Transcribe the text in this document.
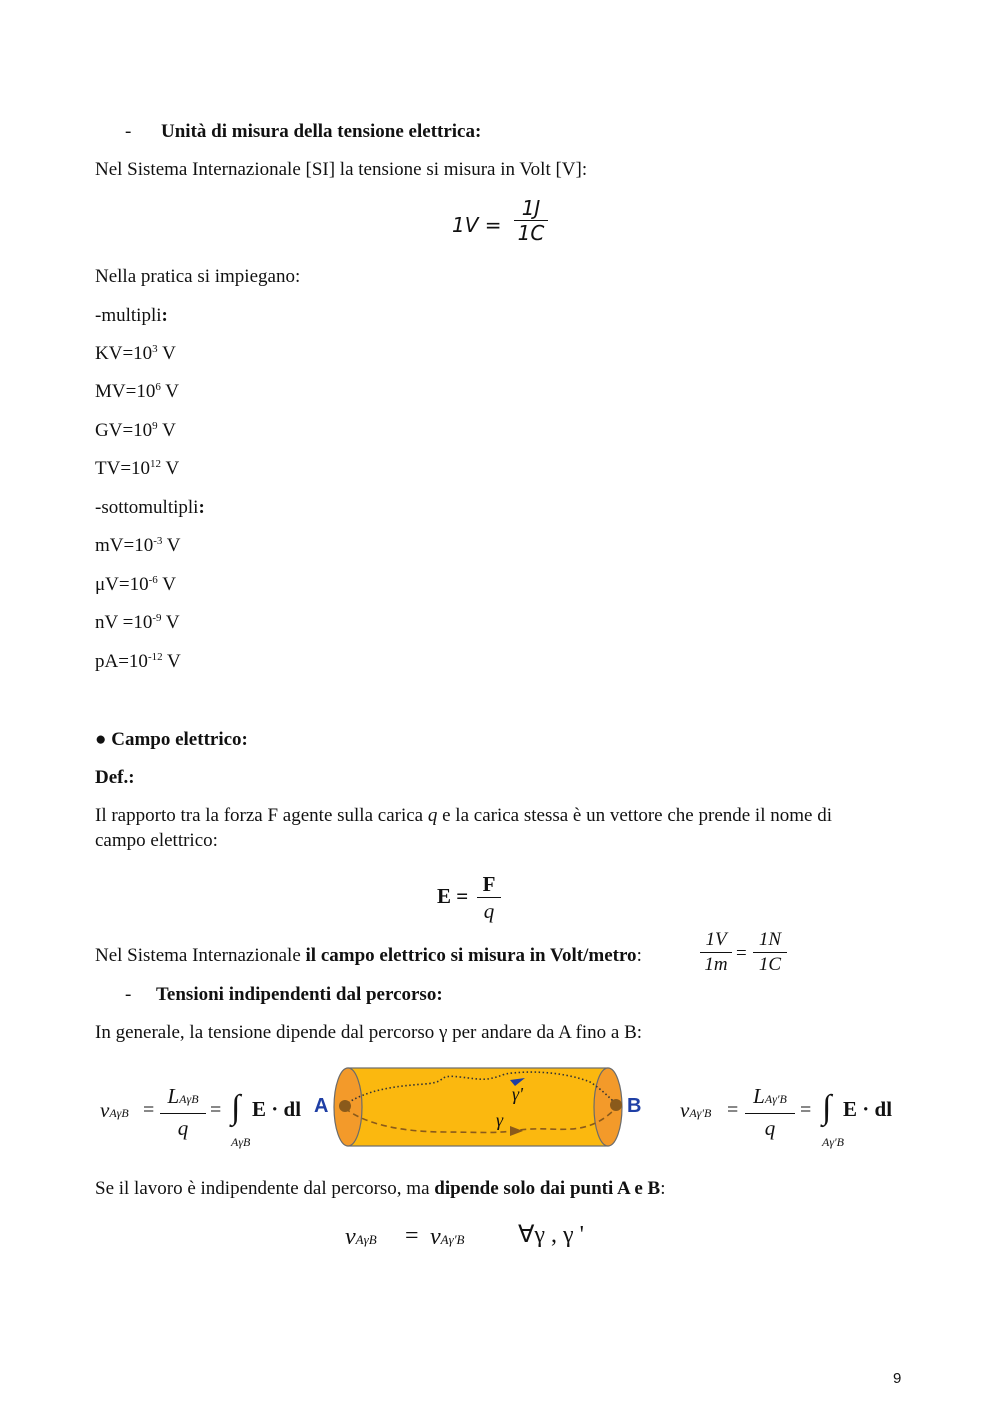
- Unità di misura della tensione elettrica:
Nel Sistema Internazionale [SI] la tensione si misura in Volt [V]:
1V =
1J
1C
Nella pratica si impiegano:
-multipli:
$KV=10^3$ V
$MV=10^6$ V
$GV=10^9$ V
$TV=10^{12}$ V
-sottomultipli:
$mV=10^{-3}$ V
$\mu V=10^{-6}$ V
nV $=10^{-9}$ V
$pA=10^{-12}$ V
● Campo elettrico:
Def.:
Il rapporto tra la forza F agente sulla carica q e la carica stessa è un vettore che prende il nome di
campo elettrico:
E = F
q
Nel Sistema Internazionale il campo elettrico si misura in Volt/metro:
1V
1m
=
1N
1C
- Tensioni indipendenti dal percorso:
In generale, la tensione dipende dal percorso γ per andare da A fino a B:
vAγB =
LAγB
q
= ∫
AγB
E · dl A	B
γ'
γ	vAγ'B =
LAγ'B
q
= ∫
Aγ'B
E · dl
Se il lavoro è indipendente dal percorso, ma dipende solo dai punti A e B:
vAγB = vAγ'B ∀γ , γ '
9
